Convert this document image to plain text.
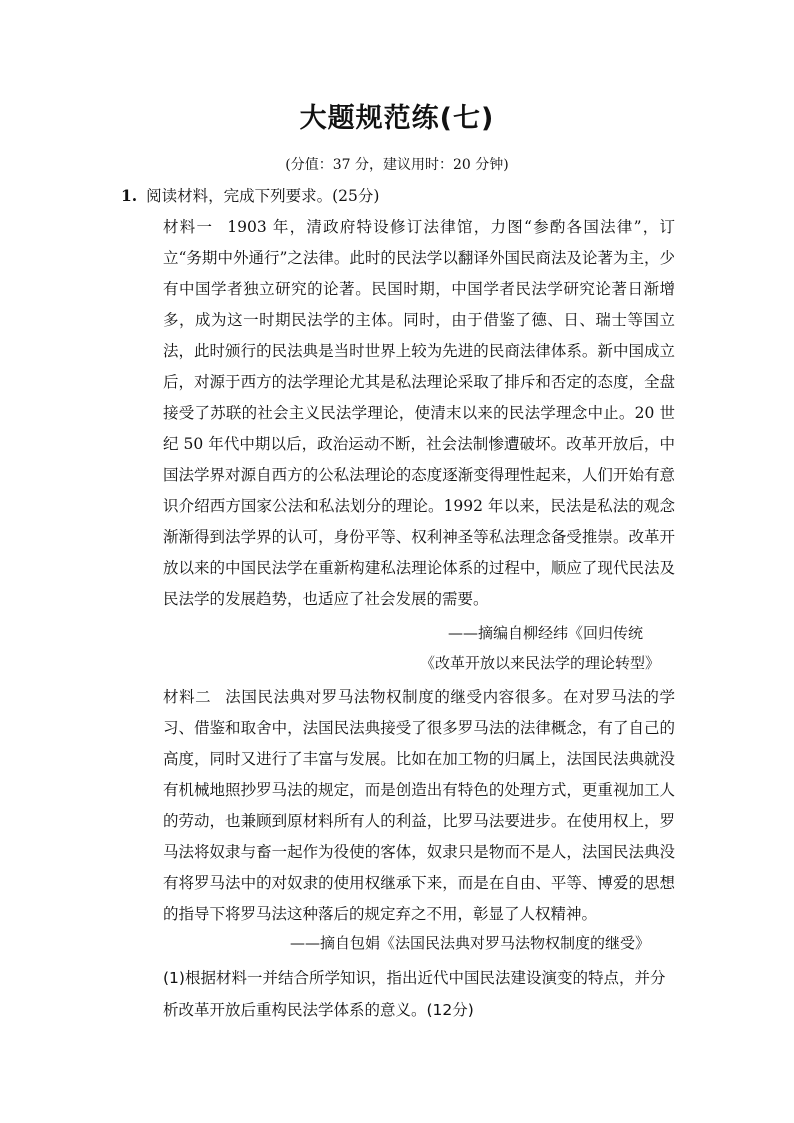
大题规范练(七)
(分值：37 分，建议用时：20 分钟)
1. 阅读材料，完成下列要求。(25分)
材料一 1903 年，清政府特设修订法律馆，力图“参酌各国法律”，订立“务期中外通行”之法律。此时的民法学以翻译外国民商法及论著为主，少有中国学者独立研究的论著。民国时期，中国学者民法学研究论著日渐增多，成为这一时期民法学的主体。同时，由于借鉴了德、日、瑞士等国立法，此时颁行的民法典是当时世界上较为先进的民商法律体系。新中国成立后，对源于西方的法学理论尤其是私法理论采取了排斥和否定的态度，全盘接受了苏联的社会主义民法学理论，使清末以来的民法学理念中止。20 世纪 50 年代中期以后，政治运动不断，社会法制惨遭破坏。改革开放后，中国法学界对源自西方的公私法理论的态度逐渐变得理性起来，人们开始有意识介绍西方国家公法和私法划分的理论。1992 年以来，民法是私法的观念渐渐得到法学界的认可，身份平等、权利神圣等私法理念备受推崇。改革开放以来的中国民法学在重新构建私法理论体系的过程中，顺应了现代民法及民法学的发展趋势，也适应了社会发展的需要。
——摘编自柳经纬《回归传统
《改革开放以来民法学的理论转型》
材料二 法国民法典对罗马法物权制度的继受内容很多。在对罗马法的学习、借鉴和取舍中，法国民法典接受了很多罗马法的法律概念，有了自己的高度，同时又进行了丰富与发展。比如在加工物的归属上，法国民法典就没有机械地照抄罗马法的规定，而是创造出有特色的处理方式，更重视加工人的劳动，也兼顾到原材料所有人的利益，比罗马法要进步。在使用权上，罗马法将奴隶与畜一起作为役使的客体，奴隶只是物而不是人，法国民法典没有将罗马法中的对奴隶的使用权继承下来，而是在自由、平等、博爱的思想的指导下将罗马法这种落后的规定弃之不用，彰显了人权精神。
——摘自包娟《法国民法典对罗马法物权制度的继受》
(1)根据材料一并结合所学知识，指出近代中国民法建设演变的特点，并分析改革开放后重构民法学体系的意义。(12分)
